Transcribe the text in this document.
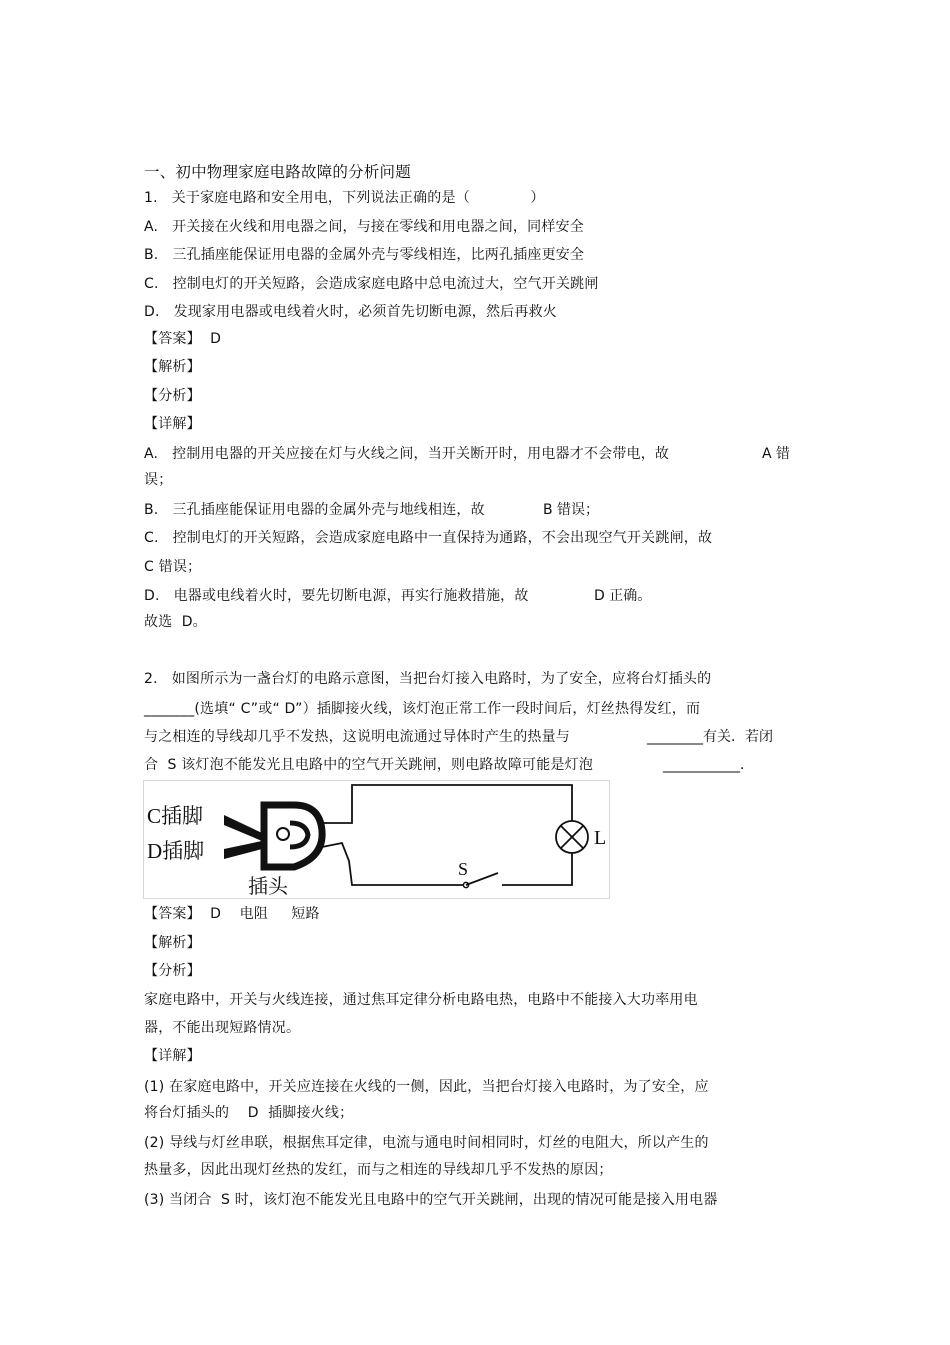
一、初中物理家庭电路故障的分析问题
1.   关于家庭电路和安全用电，下列说法正确的是（             ）
A.   开关接在火线和用电器之间，与接在零线和用电器之间，同样安全
B.   三孔插座能保证用电器的金属外壳与零线相连，比两孔插座更安全
C.   控制电灯的开关短路，会造成家庭电路中总电流过大，空气开关跳闸
D.   发现家用电器或电线着火时，必须首先切断电源，然后再救火
【答案】  D
【解析】
【分析】
【详解】
A.   控制用电器的开关应接在灯与火线之间，当开关断开时，用电器才不会带电，故	A 错
误；
B.   三孔插座能保证用电器的金属外壳与地线相连，故	B 错误；
C.   控制电灯的开关短路，会造成家庭电路中一直保持为通路，不会出现空气开关跳闸，故
C 错误；
D.   电器或电线着火时，要先切断电源，再实行施救措施，故	D 正确。
故选  D。
2.   如图所示为一盏台灯的电路示意图，当把台灯接入电路时，为了安全，应将台灯插头的
_______(选填“ C”或“ D”）插脚接火线，该灯泡正常工作一段时间后，灯丝热得发红，而
与之相连的导线却几乎不发热，这说明电流通过导体时产生的热量与	________有关．若闭
合  S 该灯泡不能发光且电路中的空气开关跳闸，则电路故障可能是灯泡	___________．
C插脚
D插脚
插头
S
L
【答案】  D    电阻     短路
【解析】
【分析】
家庭电路中，开关与火线连接，通过焦耳定律分析电路电热，电路中不能接入大功率用电
器，不能出现短路情况。
【详解】
(1) 在家庭电路中，开关应连接在火线的一侧，因此，当把台灯接入电路时，为了安全，应
将台灯插头的    D  插脚接火线；
(2) 导线与灯丝串联，根据焦耳定律，电流与通电时间相同时，灯丝的电阻大，所以产生的
热量多，因此出现灯丝热的发红，而与之相连的导线却几乎不发热的原因；
(3) 当闭合  S 时，该灯泡不能发光且电路中的空气开关跳闸，出现的情况可能是接入用电器
